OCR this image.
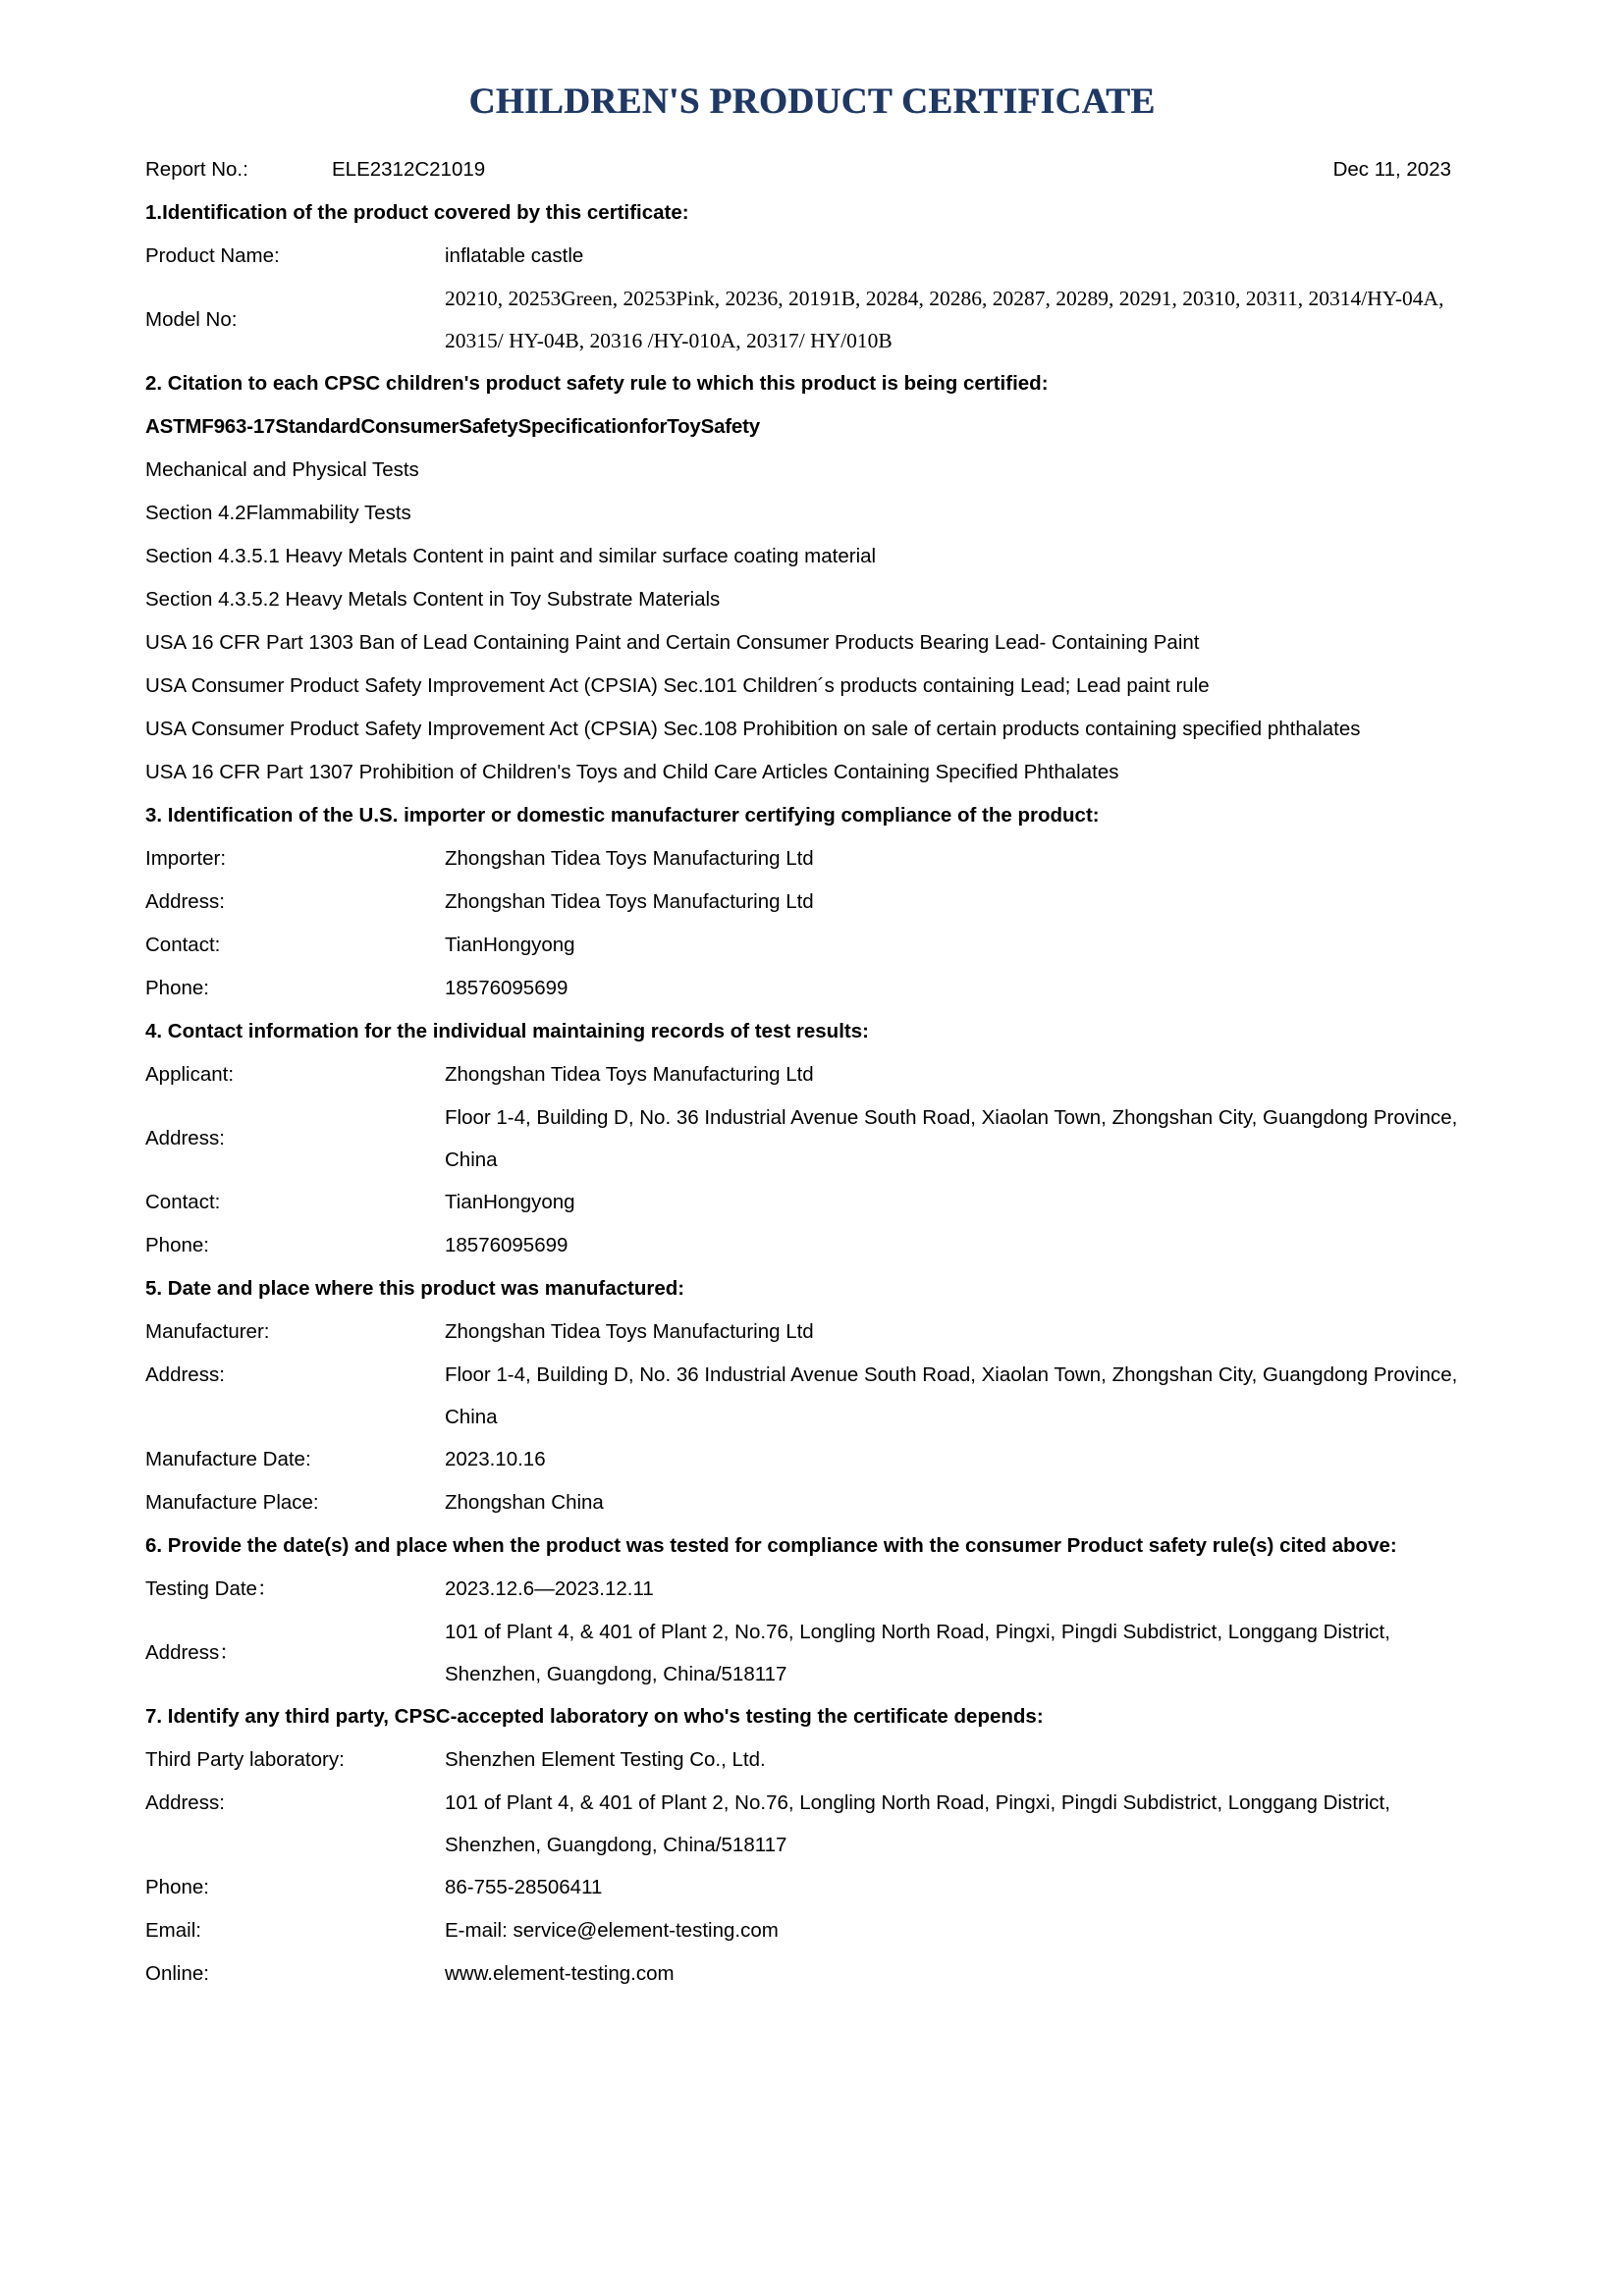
CHILDREN'S PRODUCT CERTIFICATE
Report No.:	ELE2312C21019	Dec 11, 2023
1.Identification of the product covered by this certificate:
Product Name:	inflatable castle
Model No:
20210, 20253Green, 20253Pink, 20236, 20191B, 20284, 20286, 20287, 20289, 20291, 20310, 20311, 20314/HY-04A, 20315/ HY-04B, 20316 /HY-010A, 20317/ HY/010B
2. Citation to each CPSC children's product safety rule to which this product is being certified:
ASTMF963-17StandardConsumerSafetySpecificationforToySafety
Mechanical and Physical Tests
Section 4.2Flammability Tests
Section 4.3.5.1 Heavy Metals Content in paint and similar surface coating material
Section 4.3.5.2 Heavy Metals Content in Toy Substrate Materials
USA 16 CFR Part 1303 Ban of Lead Containing Paint and Certain Consumer Products Bearing Lead- Containing Paint
USA Consumer Product Safety Improvement Act (CPSIA) Sec.101 Children´s products containing Lead; Lead paint rule
USA Consumer Product Safety Improvement Act (CPSIA) Sec.108 Prohibition on sale of certain products containing specified phthalates
USA 16 CFR Part 1307 Prohibition of Children's Toys and Child Care Articles Containing Specified Phthalates
3. Identification of the U.S. importer or domestic manufacturer certifying compliance of the product:
Importer:	Zhongshan Tidea Toys Manufacturing Ltd
Address:	Zhongshan Tidea Toys Manufacturing Ltd
Contact:	TianHongyong
Phone:	18576095699
4. Contact information for the individual maintaining records of test results:
Applicant:	Zhongshan Tidea Toys Manufacturing Ltd
Address:
Floor 1-4, Building D, No. 36 Industrial Avenue South Road, Xiaolan Town, Zhongshan City, Guangdong Province, China
Contact:	TianHongyong
Phone:	18576095699
5. Date and place where this product was manufactured:
Manufacturer:	Zhongshan Tidea Toys Manufacturing Ltd
Address:	Floor 1-4, Building D, No. 36 Industrial Avenue South Road, Xiaolan Town, Zhongshan City, Guangdong Province, China
Manufacture Date:	2023.10.16
Manufacture Place:	Zhongshan China
6. Provide the date(s) and place when the product was tested for compliance with the consumer Product safety rule(s) cited above:
Testing Date：	2023.12.6—2023.12.11
Address：
101 of Plant 4, & 401 of Plant 2, No.76, Longling North Road, Pingxi, Pingdi Subdistrict, Longgang District, Shenzhen, Guangdong, China/518117
7. Identify any third party, CPSC-accepted laboratory on who's testing the certificate depends:
Third Party laboratory:	Shenzhen Element Testing Co., Ltd.
Address:	101 of Plant 4, & 401 of Plant 2, No.76, Longling North Road, Pingxi, Pingdi Subdistrict, Longgang District, Shenzhen, Guangdong, China/518117
Phone:	86-755-28506411
Email:	E-mail: service@element-testing.com
Online:	www.element-testing.com
